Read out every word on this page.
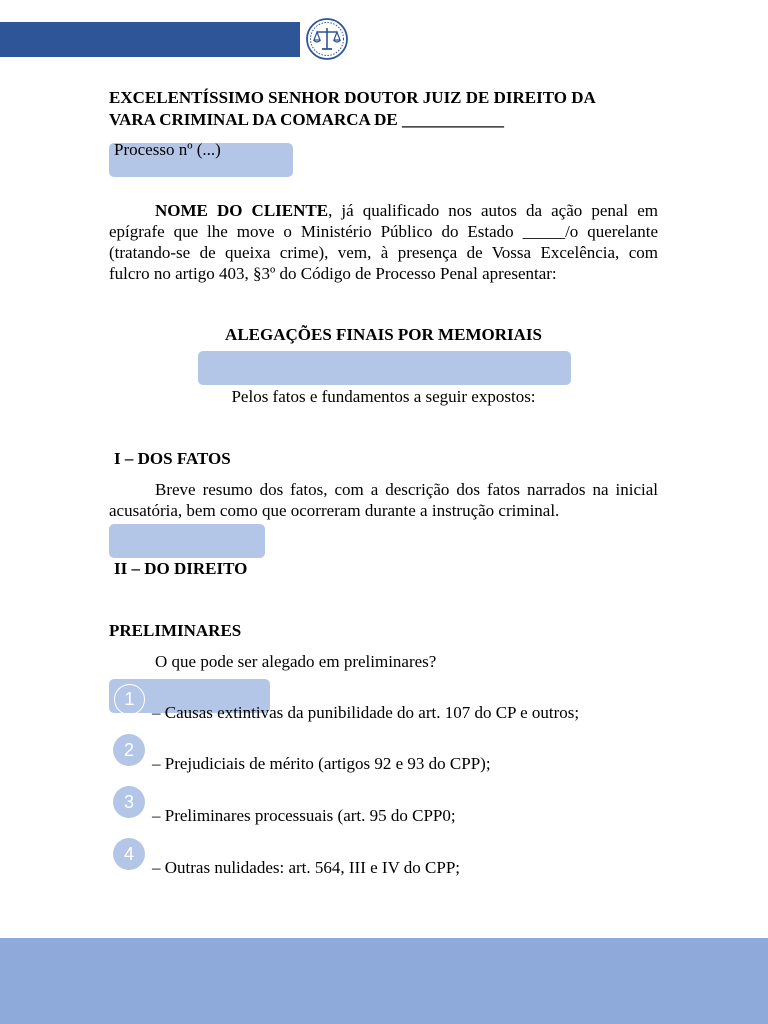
EXCELENTÍSSIMO SENHOR DOUTOR JUIZ DE DIREITO DA
VARA CRIMINAL DA COMARCA DE ____________
Processo nº (...)
NOME DO CLIENTE, já qualificado nos autos da ação penal em
epígrafe que lhe move o Ministério Público do Estado _____/o querelante
(tratando-se de queixa crime), vem, à presença de Vossa Excelência, com
fulcro no artigo 403, §3º do Código de Processo Penal apresentar:
ALEGAÇÕES FINAIS POR MEMORIAIS
Pelos fatos e fundamentos a seguir expostos:
I – DOS FATOS
Breve resumo dos fatos, com a descrição dos fatos narrados na inicial
acusatória, bem como que ocorreram durante a instrução criminal.
II – DO DIREITO
PRELIMINARES
O que pode ser alegado em preliminares?
1
– Causas extintivas da punibilidade do art. 107 do CP e outros;
2
– Prejudiciais de mérito (artigos 92 e 93 do CPP);
3
– Preliminares processuais (art. 95 do CPP0;
4
– Outras nulidades: art. 564, III e IV do CPP;
